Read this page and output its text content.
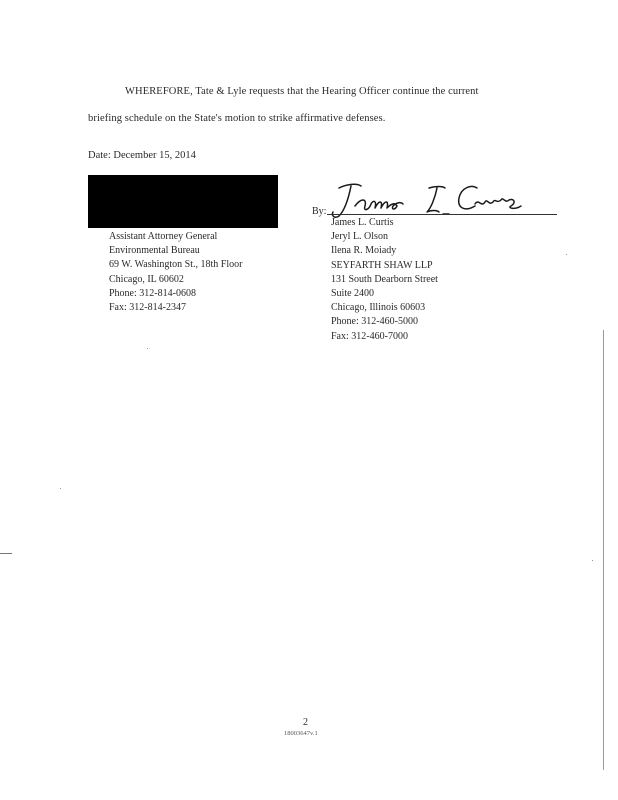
WHEREFORE, Tate & Lyle requests that the Hearing Officer continue the current
briefing schedule on the State's motion to strike affirmative defenses.
Date: December 15, 2014
Assistant Attorney General
Environmental Bureau
69 W. Washington St., 18th Floor
Chicago, IL 60602
Phone: 312-814-0608
Fax: 312-814-2347
By:
James L. Curtis
Jeryl L. Olson
Ilena R. Moiady
SEYFARTH SHAW LLP
131 South Dearborn Street
Suite 2400
Chicago, Illinois 60603
Phone: 312-460-5000
Fax: 312-460-7000
2
18003647v.1
